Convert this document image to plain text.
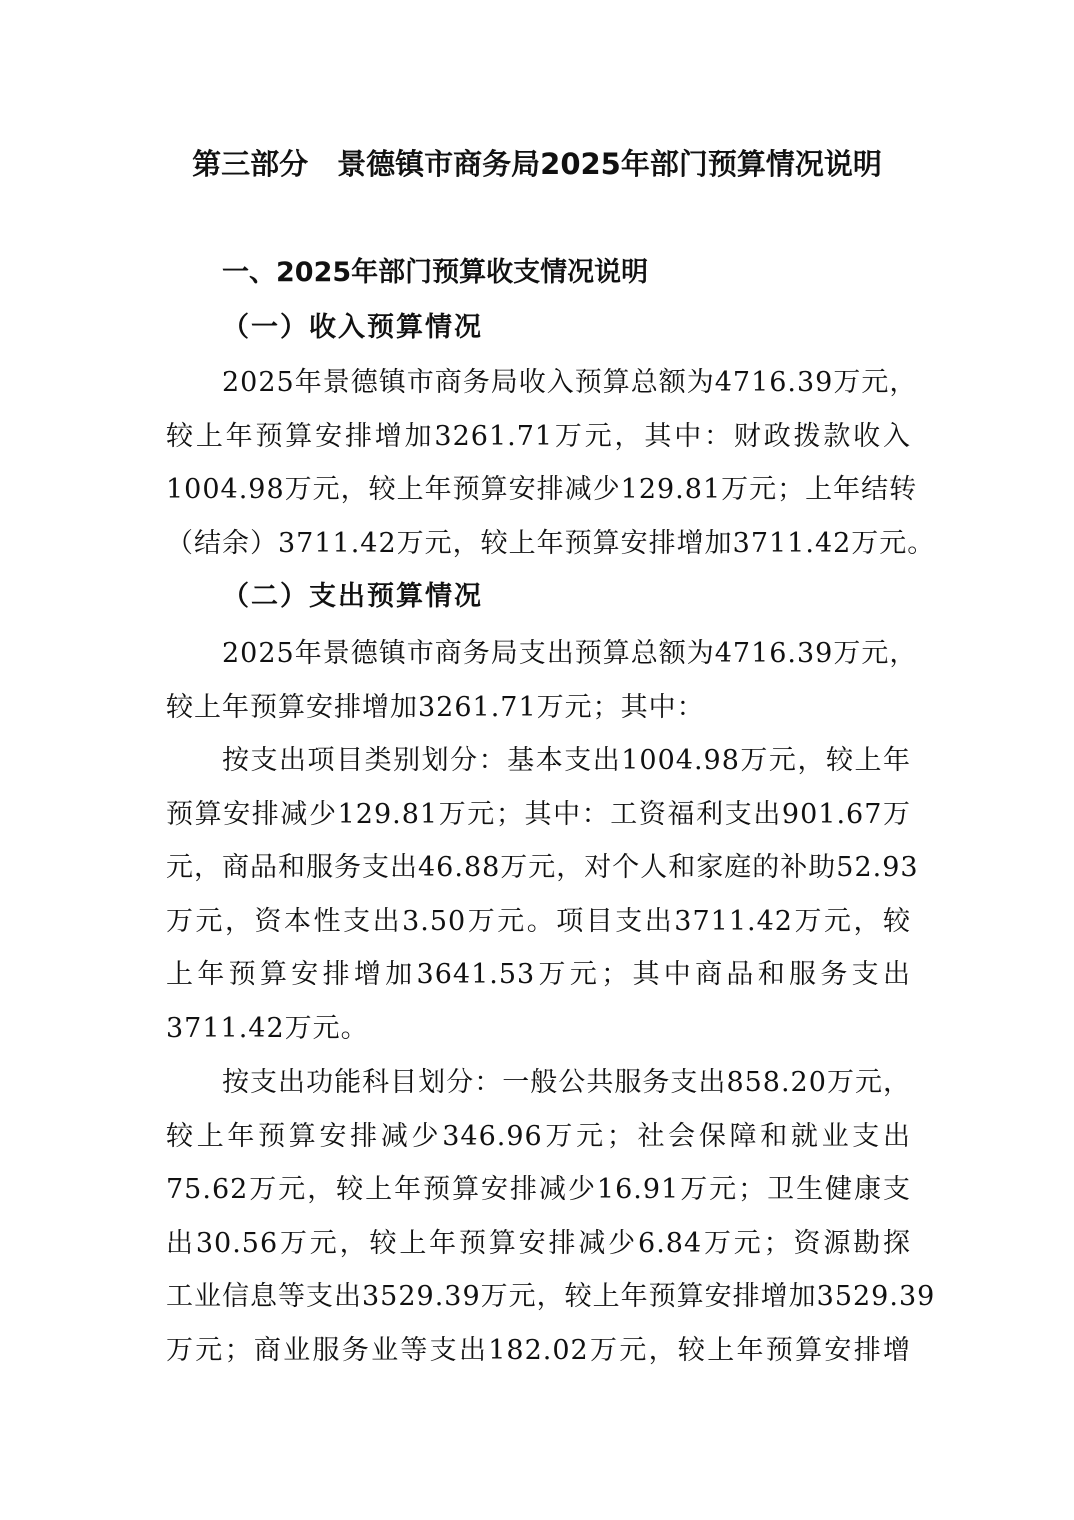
第三部分　景德镇市商务局2025年部门预算情况说明
一、2025年部门预算收支情况说明
（一）收入预算情况
2025年景德镇市商务局收入预算总额为4716.39万元，
较上年预算安排增加3261.71万元，其中：财政拨款收入
1004.98万元，较上年预算安排减少129.81万元；上年结转
（结余）3711.42万元，较上年预算安排增加3711.42万元。
（二）支出预算情况
2025年景德镇市商务局支出预算总额为4716.39万元，
较上年预算安排增加3261.71万元；其中：
按支出项目类别划分：基本支出1004.98万元，较上年
预算安排减少129.81万元；其中：工资福利支出901.67万
元，商品和服务支出46.88万元，对个人和家庭的补助52.93
万元，资本性支出3.50万元。项目支出3711.42万元，较
上年预算安排增加3641.53万元；其中商品和服务支出
3711.42万元。
按支出功能科目划分：一般公共服务支出858.20万元，
较上年预算安排减少346.96万元；社会保障和就业支出
75.62万元，较上年预算安排减少16.91万元；卫生健康支
出30.56万元，较上年预算安排减少6.84万元；资源勘探
工业信息等支出3529.39万元，较上年预算安排增加3529.39
万元；商业服务业等支出182.02万元，较上年预算安排增
